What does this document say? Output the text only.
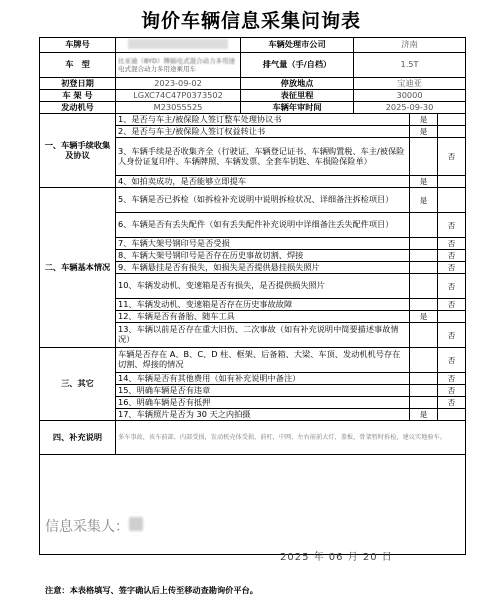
询价车辆信息采集问询表
车牌号		车辆处理市公司	济南		
车　型	比亚迪（BYD）牌插电式混合动力多用途
电式混合动力多用途乘用车	排气量（手/自档）	1.5T		
初登日期	2023-09-02	停放地点	宝迪亚		
车 架 号	LGXC74C47P0373502	表征里程	30000		
发动机号	M23055525	车辆年审时间	2025-09-30		
一、车辆手续收集及协议	1、是否与车主/被保险人签订整车处理协议书			是	
	2、是否与车主/被保险人签订权益转让书			是	
	3、车辆手续是否收集齐全（行驶证、车辆登记证书、车辆购置税、车主/被保险人身份证复印件、车辆牌照、车辆发票、全套车钥匙、车损险保险单）				否
	4、如拍卖成功，是否能够立即提车			是	
二、车辆基本情况	5、车辆是否已拆检（如拆检补充说明中说明拆检状况、详细备注拆检项目）			是	
	6、车辆是否有丢失配件（如有丢失配件补充说明中详细备注丢失配件项目）				否
	7、车辆大架号钢印号是否受损				否
	8、车辆大架号钢印号是否存在历史事故切割、焊接				否
	9、车辆悬挂是否有损失，如损失是否提供悬挂损失照片				否
	10、车辆发动机、变速箱是否有损失，是否提供损失照片				否
	11、车辆发动机、变速箱是否存在历史事故故障				否
	12、车辆是否有备胎、随车工具			是	
	13、车辆以前是否存在重大旧伤、二次事故（如有补充说明中简要描述事故情况）				否
三、其它	车辆是否存在 A、B、C、D 柱、框架、后备箱、大梁、车顶、发动机机号存在切割、焊接的情况				否
	14、车辆是否有其他费用（如有补充说明中备注）				否
	15、明确车辆是否有违章				否
	16、明确车辆是否有抵押				否
	17、车辆照片是否为 30 天之内拍摄			是	
四、补充说明	多车事故，该车前部、内部受损，发动机壳体受损，前杠，中网，左右前前大灯，盖板，骨架暂时拆检，建议实地验车。				

信息采集人：
2025 年 06 月 20 日
注意：本表格填写、签字确认后上传至移动查勘询价平台。
